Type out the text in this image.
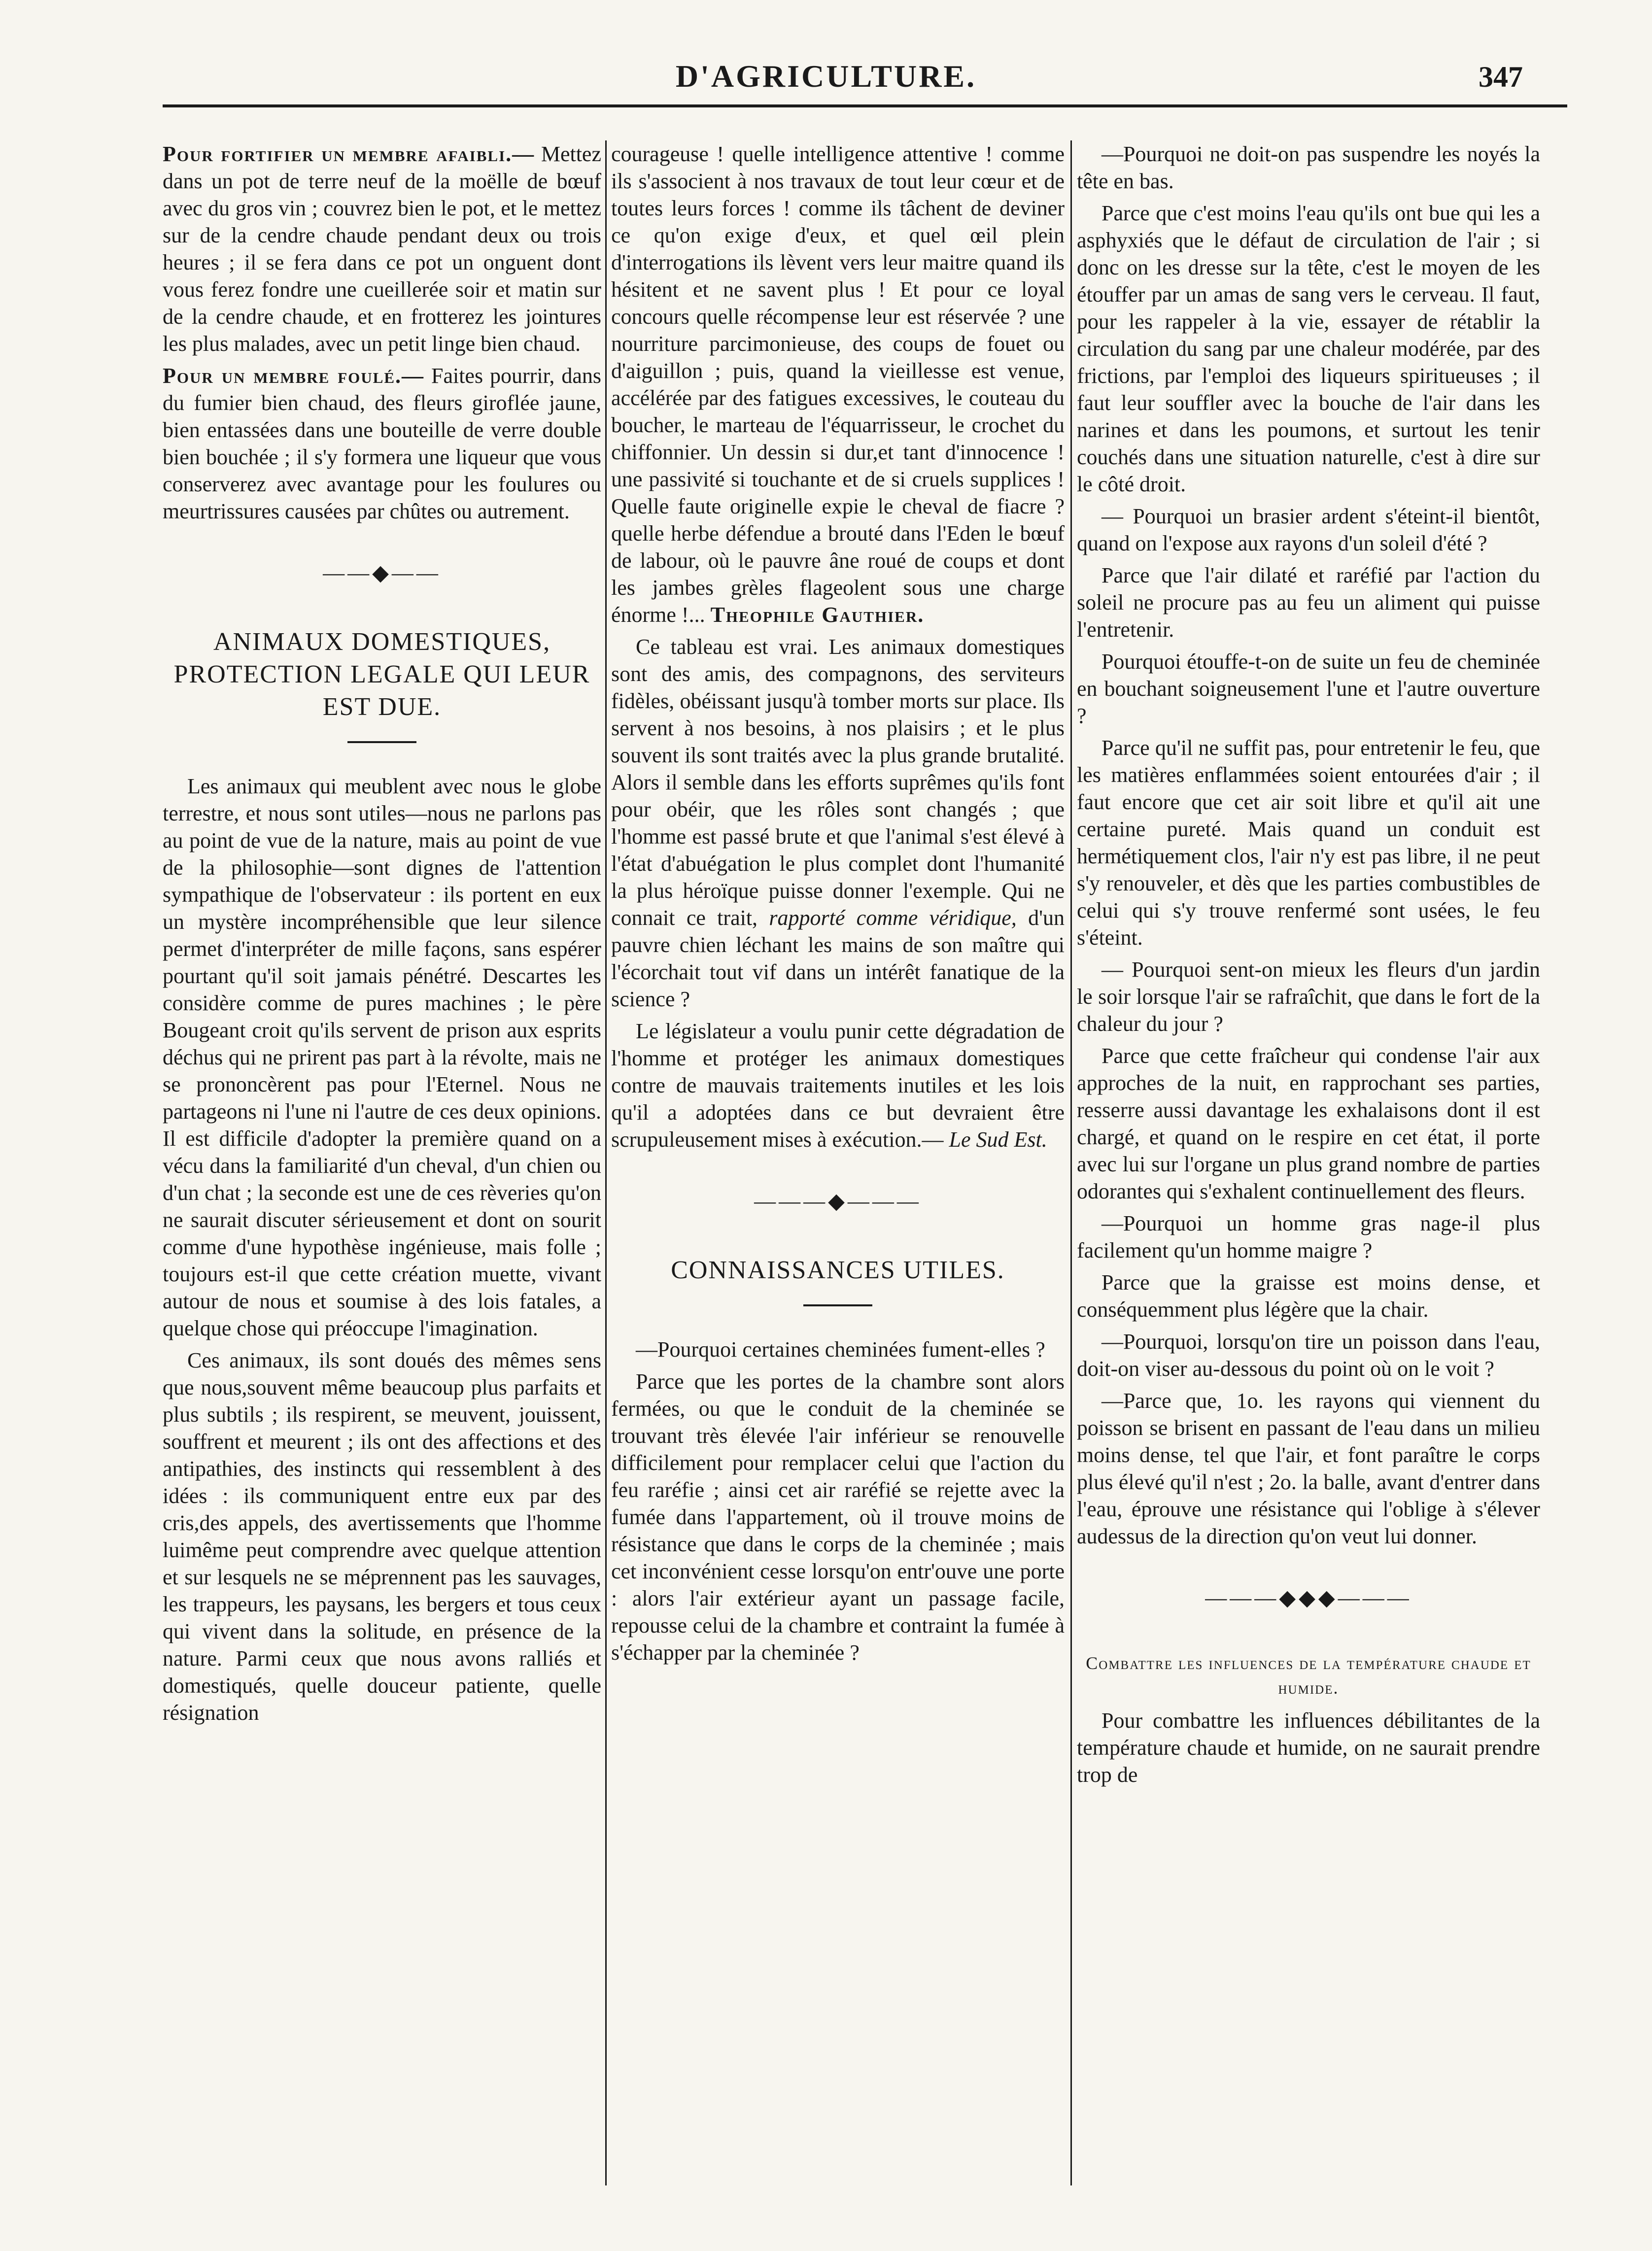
D'AGRICULTURE.	347

Pour fortifier un membre afaibli.— Mettez dans un pot de terre neuf de la moëlle de bœuf avec du gros vin ; couvrez bien le pot, et le mettez sur de la cendre chaude pendant deux ou trois heures ; il se fera dans ce pot un onguent dont vous ferez fondre une cueillerée soir et matin sur de la cendre chaude, et en frotterez les jointures les plus malades, avec un petit linge bien chaud.

Pour un membre foulé.— Faites pourrir, dans du fumier bien chaud, des fleurs giroflée jaune, bien entassées dans une bouteille de verre double bien bouchée ; il s'y formera une liqueur que vous conserverez avec avantage pour les foulures ou meurtrissures causées par chûtes ou autrement.

——◆——
ANIMAUX DOMESTIQUES, PROTECTION LEGALE QUI LEUR EST DUE.

Les animaux qui meublent avec nous le globe terrestre, et nous sont utiles—nous ne parlons pas au point de vue de la nature, mais au point de vue de la philosophie—sont dignes de l'attention sympathique de l'observateur : ils portent en eux un mystère incompréhensible que leur silence permet d'interpréter de mille façons, sans espérer pourtant qu'il soit jamais pénétré. Descartes les considère comme de pures machines ; le père Bougeant croit qu'ils servent de prison aux esprits déchus qui ne prirent pas part à la révolte, mais ne se prononcèrent pas pour l'Eternel. Nous ne partageons ni l'une ni l'autre de ces deux opinions. Il est difficile d'adopter la première quand on a vécu dans la familiarité d'un cheval, d'un chien ou d'un chat ; la seconde est une de ces rèveries qu'on ne saurait discuter sérieusement et dont on sourit comme d'une hypothèse ingénieuse, mais folle ; toujours est-il que cette création muette, vivant autour de nous et soumise à des lois fatales, a quelque chose qui préoccupe l'imagination.

Ces animaux, ils sont doués des mêmes sens que nous,souvent même beaucoup plus parfaits et plus subtils ; ils respirent, se meuvent, jouissent, souffrent et meurent ; ils ont des affections et des antipathies, des instincts qui ressemblent à des idées : ils communiquent entre eux par des cris,des appels, des avertissements que l'homme luimême peut comprendre avec quelque attention et sur lesquels ne se méprennent pas les sauvages, les trappeurs, les paysans, les bergers et tous ceux qui vivent dans la solitude, en présence de la nature. Parmi ceux que nous avons ralliés et domestiqués, quelle douceur patiente, quelle résignation

courageuse ! quelle intelligence attentive ! comme ils s'associent à nos travaux de tout leur cœur et de toutes leurs forces ! comme ils tâchent de deviner ce qu'on exige d'eux, et quel œil plein d'interrogations ils lèvent vers leur maitre quand ils hésitent et ne savent plus ! Et pour ce loyal concours quelle récompense leur est réservée ? une nourriture parcimonieuse, des coups de fouet ou d'aiguillon ; puis, quand la vieillesse est venue, accélérée par des fatigues excessives, le couteau du boucher, le marteau de l'équarrisseur, le crochet du chiffonnier. Un dessin si dur,et tant d'innocence ! une passivité si touchante et de si cruels supplices ! Quelle faute originelle expie le cheval de fiacre ? quelle herbe défendue a brouté dans l'Eden le bœuf de labour, où le pauvre âne roué de coups et dont les jambes grèles flageolent sous une charge énorme !... Theophile Gauthier.

Ce tableau est vrai. Les animaux domestiques sont des amis, des compagnons, des serviteurs fidèles, obéissant jusqu'à tomber morts sur place. Ils servent à nos besoins, à nos plaisirs ; et le plus souvent ils sont traités avec la plus grande brutalité. Alors il semble dans les efforts suprêmes qu'ils font pour obéir, que les rôles sont changés ; que l'homme est passé brute et que l'animal s'est élevé à l'état d'abuégation le plus complet dont l'humanité la plus héroïque puisse donner l'exemple. Qui ne connait ce trait, rapporté comme véridique, d'un pauvre chien léchant les mains de son maître qui l'écorchait tout vif dans un intérêt fanatique de la science ?

Le législateur a voulu punir cette dégradation de l'homme et protéger les animaux domestiques contre de mauvais traitements inutiles et les lois qu'il a adoptées dans ce but devraient être scrupuleusement mises à exécution.— Le Sud Est.

———◆———
CONNAISSANCES UTILES.

—Pourquoi certaines cheminées fument-elles ?

Parce que les portes de la chambre sont alors fermées, ou que le conduit de la cheminée se trouvant très élevée l'air inférieur se renouvelle difficilement pour remplacer celui que l'action du feu raréfie ; ainsi cet air raréfié se rejette avec la fumée dans l'appartement, où il trouve moins de résistance que dans le corps de la cheminée ; mais cet inconvénient cesse lorsqu'on entr'ouve une porte : alors l'air extérieur ayant un passage facile, repousse celui de la chambre et contraint la fumée à s'échapper par la cheminée ?

—Pourquoi ne doit-on pas suspendre les noyés la tête en bas.

Parce que c'est moins l'eau qu'ils ont bue qui les a asphyxiés que le défaut de circulation de l'air ; si donc on les dresse sur la tête, c'est le moyen de les étouffer par un amas de sang vers le cerveau. Il faut, pour les rappeler à la vie, essayer de rétablir la circulation du sang par une chaleur modérée, par des frictions, par l'emploi des liqueurs spiritueuses ; il faut leur souffler avec la bouche de l'air dans les narines et dans les poumons, et surtout les tenir couchés dans une situation naturelle, c'est à dire sur le côté droit.

— Pourquoi un brasier ardent s'éteint-il bientôt, quand on l'expose aux rayons d'un soleil d'été ?

Parce que l'air dilaté et raréfié par l'action du soleil ne procure pas au feu un aliment qui puisse l'entretenir.

Pourquoi étouffe-t-on de suite un feu de cheminée en bouchant soigneusement l'une et l'autre ouverture ?

Parce qu'il ne suffit pas, pour entretenir le feu, que les matières enflammées soient entourées d'air ; il faut encore que cet air soit libre et qu'il ait une certaine pureté. Mais quand un conduit est hermétiquement clos, l'air n'y est pas libre, il ne peut s'y renouveler, et dès que les parties combustibles de celui qui s'y trouve renfermé sont usées, le feu s'éteint.

— Pourquoi sent-on mieux les fleurs d'un jardin le soir lorsque l'air se rafraîchit, que dans le fort de la chaleur du jour ?

Parce que cette fraîcheur qui condense l'air aux approches de la nuit, en rapprochant ses parties, resserre aussi davantage les exhalaisons dont il est chargé, et quand on le respire en cet état, il porte avec lui sur l'organe un plus grand nombre de parties odorantes qui s'exhalent continuellement des fleurs.

—Pourquoi un homme gras nage-il plus facilement qu'un homme maigre ?

Parce que la graisse est moins dense, et conséquemment plus légère que la chair.

—Pourquoi, lorsqu'on tire un poisson dans l'eau, doit-on viser au-dessous du point où on le voit ?

—Parce que, 1o. les rayons qui viennent du poisson se brisent en passant de l'eau dans un milieu moins dense, tel que l'air, et font paraître le corps plus élevé qu'il n'est ; 2o. la balle, avant d'entrer dans l'eau, éprouve une résistance qui l'oblige à s'élever audessus de la direction qu'on veut lui donner.

———◆◆◆———
Combattre les influences de la température chaude et humide.

Pour combattre les influences débilitantes de la température chaude et humide, on ne saurait prendre trop de
